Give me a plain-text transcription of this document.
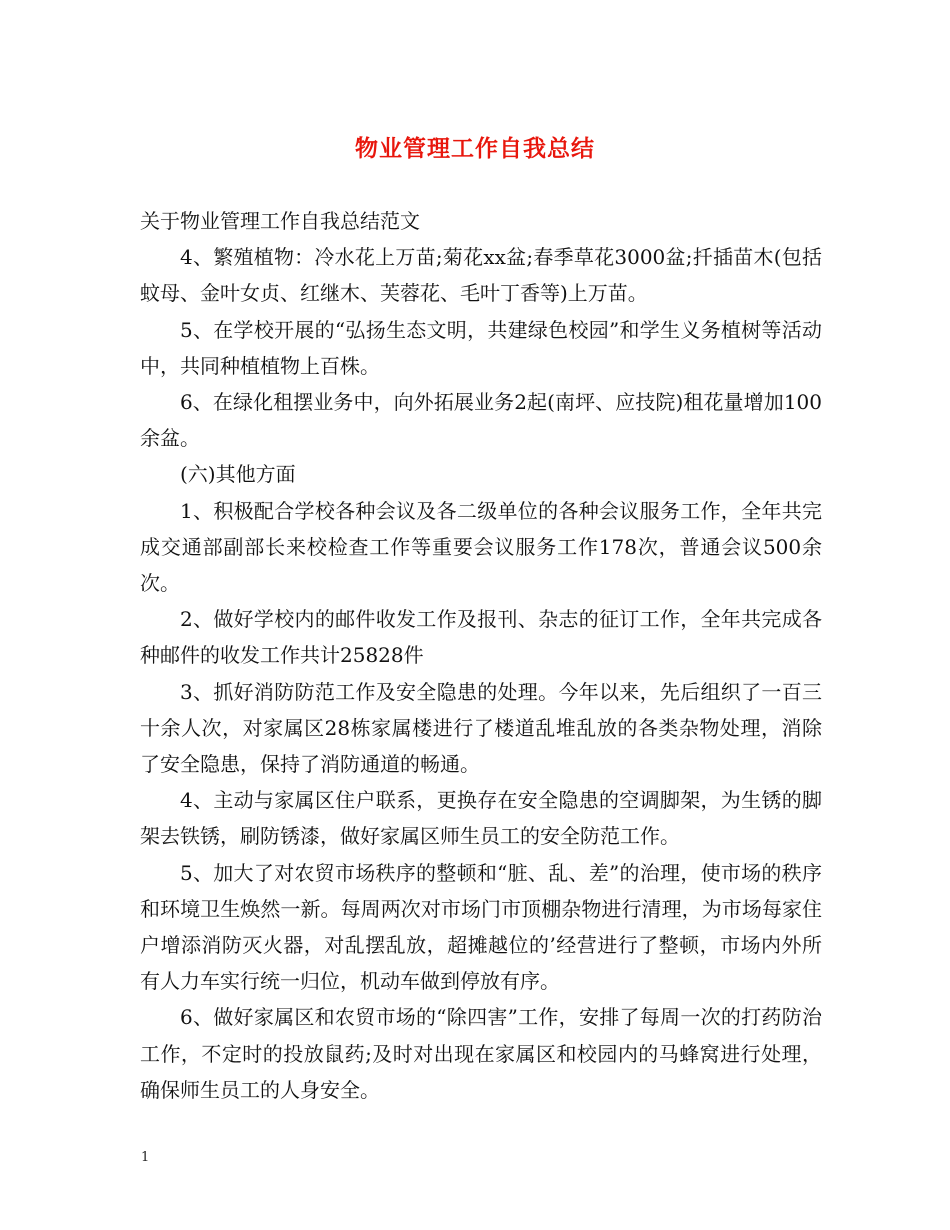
物业管理工作自我总结

关于物业管理工作自我总结范文

4、繁殖植物：冷水花上万苗;菊花xx盆;春季草花3000盆;扦插苗木(包括蚊母、金叶女贞、红继木、芙蓉花、毛叶丁香等)上万苗。

5、在学校开展的“弘扬生态文明，共建绿色校园”和学生义务植树等活动中，共同种植植物上百株。

6、在绿化租摆业务中，向外拓展业务2起(南坪、应技院)租花量增加100余盆。

(六)其他方面

1、积极配合学校各种会议及各二级单位的各种会议服务工作，全年共完成交通部副部长来校检查工作等重要会议服务工作178次，普通会议500余次。

2、做好学校内的邮件收发工作及报刊、杂志的征订工作，全年共完成各种邮件的收发工作共计25828件

3、抓好消防防范工作及安全隐患的处理。今年以来，先后组织了一百三十余人次，对家属区28栋家属楼进行了楼道乱堆乱放的各类杂物处理，消除了安全隐患，保持了消防通道的畅通。

4、主动与家属区住户联系，更换存在安全隐患的空调脚架，为生锈的脚架去铁锈，刷防锈漆，做好家属区师生员工的安全防范工作。

5、加大了对农贸市场秩序的整顿和“脏、乱、差”的治理，使市场的秩序和环境卫生焕然一新。每周两次对市场门市顶棚杂物进行清理，为市场每家住户增添消防灭火器，对乱摆乱放，超摊越位的’经营进行了整顿，市场内外所有人力车实行统一归位，机动车做到停放有序。

6、做好家属区和农贸市场的“除四害”工作，安排了每周一次的打药防治工作，不定时的投放鼠药;及时对出现在家属区和校园内的马蜂窝进行处理，确保师生员工的人身安全。

1
